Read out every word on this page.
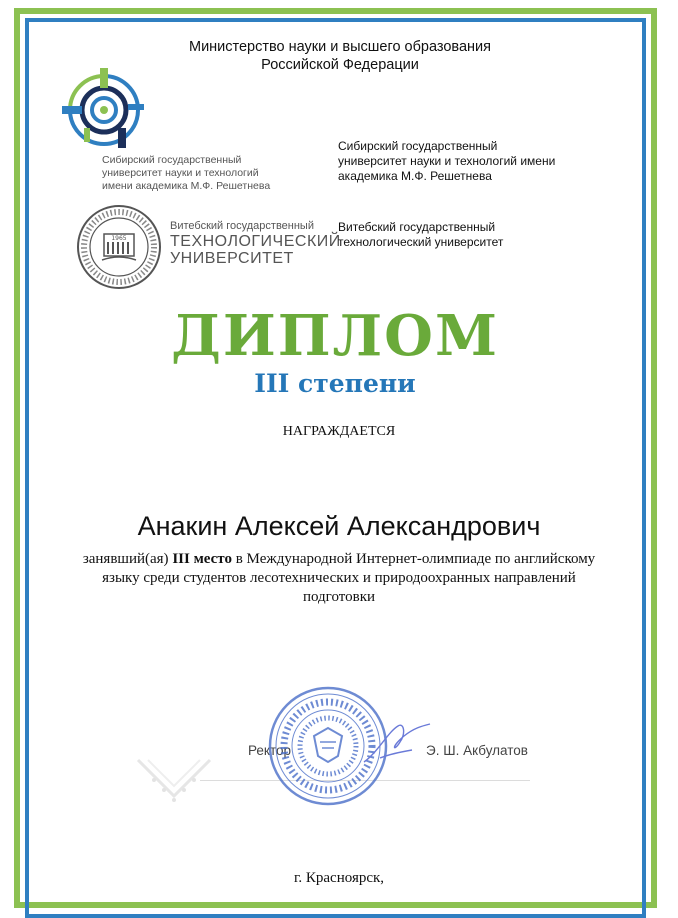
Министерство науки и высшего образования
Российской Федерации
Сибирский государственный
университет науки и технологий
имени академика М.Ф. Решетнева
Сибирский государственный
университет науки и технологий имени
академика М.Ф. Решетнева
1965
Витебский государственный
ТЕХНОЛОГИЧЕСКИЙ
УНИВЕРСИТЕТ
Витебский государственный
технологический университет
ДИПЛОМ
III степени
НАГРАЖДАЕТСЯ
Анакин Алексей Александрович
занявший(ая) III место в Международной Интернет-олимпиаде по английскому языку среди студентов лесотехнических и природоохранных направлений подготовки
Ректор	Э. Ш. Акбулатов
г. Красноярск,
